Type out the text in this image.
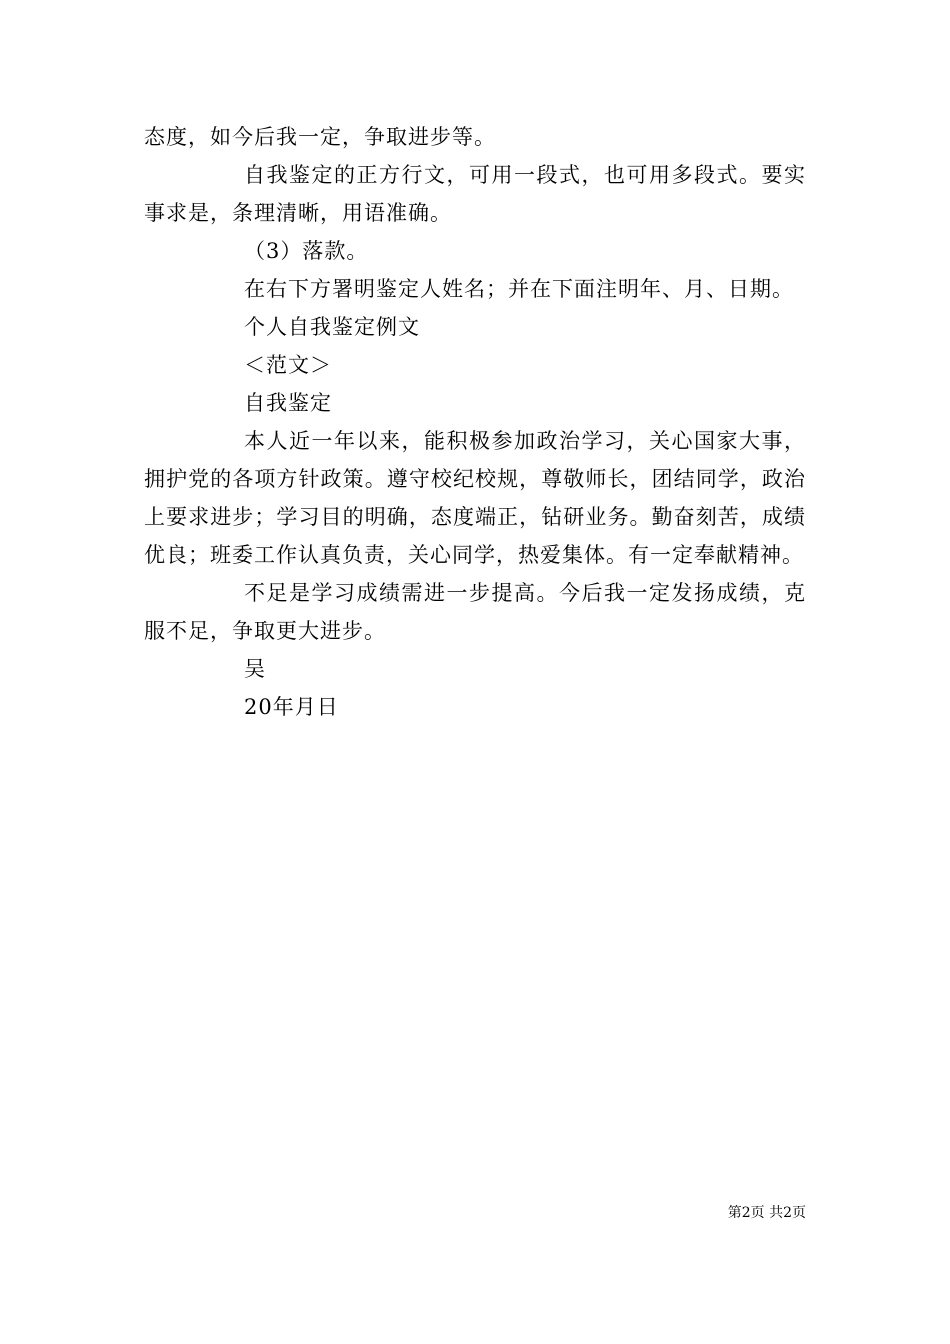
态度，如今后我一定，争取进步等。

自我鉴定的正方行文，可用一段式，也可用多段式。要实事求是，条理清晰，用语准确。

（3）落款。

在右下方署明鉴定人姓名；并在下面注明年、月、日期。

个人自我鉴定例文

＜范文＞

自我鉴定

本人近一年以来，能积极参加政治学习，关心国家大事，拥护党的各项方针政策。遵守校纪校规，尊敬师长，团结同学，政治上要求进步；学习目的明确，态度端正，钻研业务。勤奋刻苦，成绩优良；班委工作认真负责，关心同学，热爱集体。有一定奉献精神。

不足是学习成绩需进一步提高。今后我一定发扬成绩，克服不足，争取更大进步。

吴

20年月日

第2页 共2页
